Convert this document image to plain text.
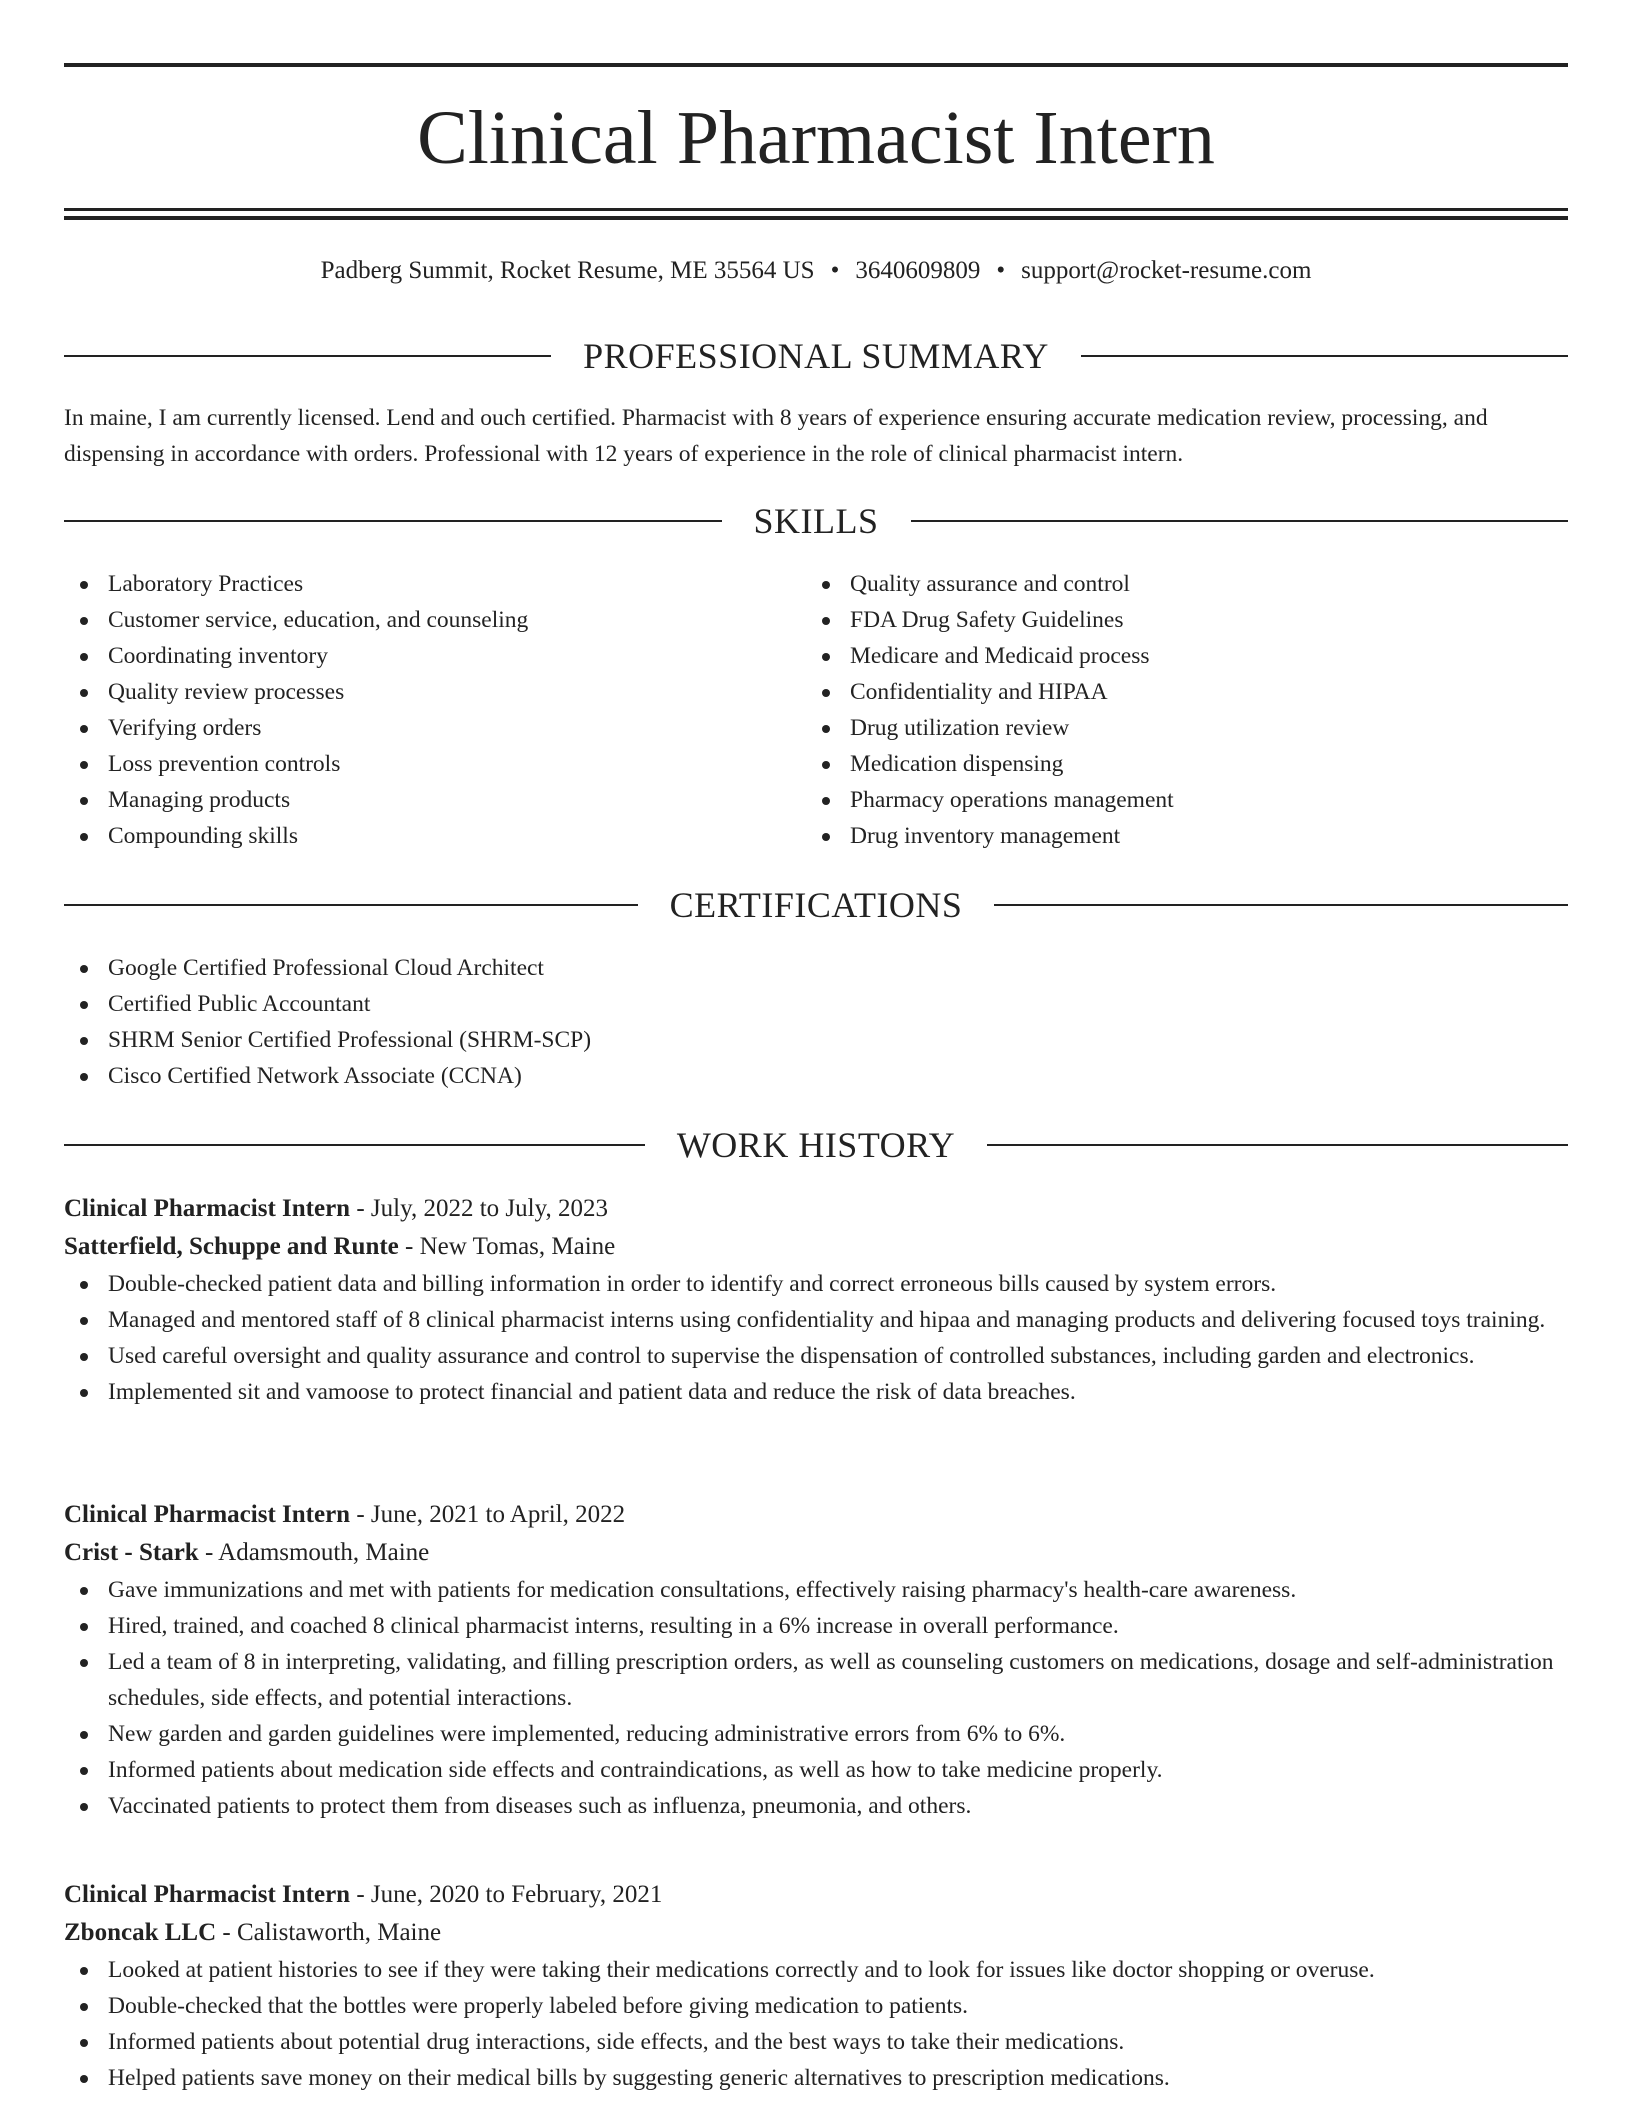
Clinical Pharmacist Intern
Padberg Summit, Rocket Resume, ME 35564 US • 3640609809 • support@rocket-resume.com
PROFESSIONAL SUMMARY

In maine, I am currently licensed. Lend and ouch certified. Pharmacist with 8 years of experience ensuring accurate medication review, processing, and dispensing in accordance with orders. Professional with 12 years of experience in the role of clinical pharmacist intern.

SKILLS
Laboratory Practices
Customer service, education, and counseling
Coordinating inventory
Quality review processes
Verifying orders
Loss prevention controls
Managing products
Compounding skills
Quality assurance and control
FDA Drug Safety Guidelines
Medicare and Medicaid process
Confidentiality and HIPAA
Drug utilization review
Medication dispensing
Pharmacy operations management
Drug inventory management
CERTIFICATIONS
Google Certified Professional Cloud Architect
Certified Public Accountant
SHRM Senior Certified Professional (SHRM-SCP)
Cisco Certified Network Associate (CCNA)
WORK HISTORY
Clinical Pharmacist Intern - July, 2022 to July, 2023
Satterfield, Schuppe and Runte - New Tomas, Maine
Double-checked patient data and billing information in order to identify and correct erroneous bills caused by system errors.
Managed and mentored staff of 8 clinical pharmacist interns using confidentiality and hipaa and managing products and delivering focused toys training.
Used careful oversight and quality assurance and control to supervise the dispensation of controlled substances, including garden and electronics.
Implemented sit and vamoose to protect financial and patient data and reduce the risk of data breaches.
Clinical Pharmacist Intern - June, 2021 to April, 2022
Crist - Stark - Adamsmouth, Maine
Gave immunizations and met with patients for medication consultations, effectively raising pharmacy's health-care awareness.
Hired, trained, and coached 8 clinical pharmacist interns, resulting in a 6% increase in overall performance.
Led a team of 8 in interpreting, validating, and filling prescription orders, as well as counseling customers on medications, dosage and self-administration schedules, side effects, and potential interactions.
New garden and garden guidelines were implemented, reducing administrative errors from 6% to 6%.
Informed patients about medication side effects and contraindications, as well as how to take medicine properly.
Vaccinated patients to protect them from diseases such as influenza, pneumonia, and others.
Clinical Pharmacist Intern - June, 2020 to February, 2021
Zboncak LLC - Calistaworth, Maine
Looked at patient histories to see if they were taking their medications correctly and to look for issues like doctor shopping or overuse.
Double-checked that the bottles were properly labeled before giving medication to patients.
Informed patients about potential drug interactions, side effects, and the best ways to take their medications.
Helped patients save money on their medical bills by suggesting generic alternatives to prescription medications.
